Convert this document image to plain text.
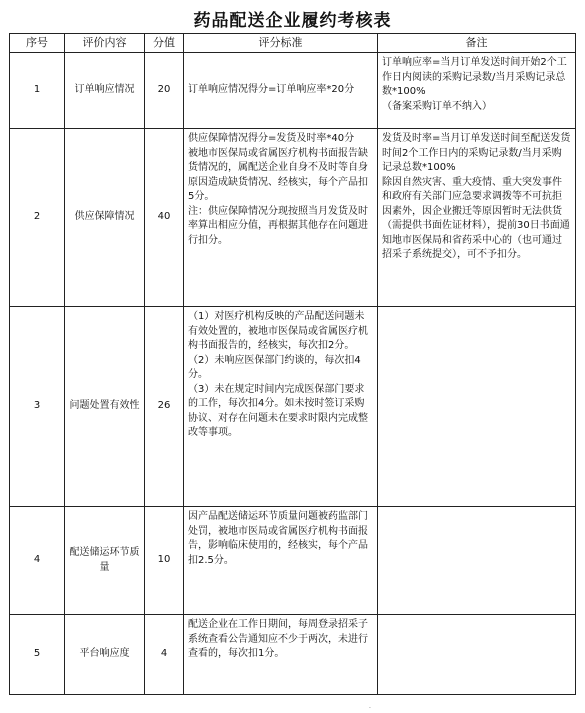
药品配送企业履约考核表
序号	评价内容	分值	评分标准	备注
1	订单响应情况	20	订单响应情况得分=订单响应率*20分	订单响应率=当月订单发送时间开始2个工作日内阅读的采购记录数/当月采购记录总数*100%
（备案采购订单不纳入）

2	供应保障情况	40	供应保障情况得分=发货及时率*40分
被地市医保局或省属医疗机构书面报告缺货情况的，属配送企业自身不及时等自身原因造成缺货情况、经核实，每个产品扣5分。
注：供应保障情况分现按照当月发货及时率算出相应分值，再根据其他存在问题进行扣分。	发货及时率=当月订单发送时间至配送发货时间2个工作日内的采购记录数/当月采购记录总数*100%
除因自然灾害、重大疫情、重大突发事件和政府有关部门应急要求调拨等不可抗拒因素外，因企业搬迁等原因暂时无法供货（需提供书面佐证材料），提前30日书面通知地市医保局和省药采中心的（也可通过招采子系统提交），可不予扣分。

3	问题处置有效性	26	（1）对医疗机构反映的产品配送问题未有效处置的，被地市医保局或省属医疗机构书面报告的，经核实，每次扣2分。
（2）未响应医保部门约谈的，每次扣4分。
（3）未在规定时间内完成医保部门要求的工作，每次扣4分。如未按时签订采购协议、对存在问题未在要求时限内完成整改等事项。	

4	配送储运环节质量	10	因产品配送储运环节质量问题被药监部门处罚，被地市医局或省属医疗机构书面报告，影响临床使用的，经核实，每个产品扣2.5分。	

5	平台响应度	4	配送企业在工作日期间，每周登录招采子系统查看公告通知应不少于两次，未进行查看的，每次扣1分。	

.
